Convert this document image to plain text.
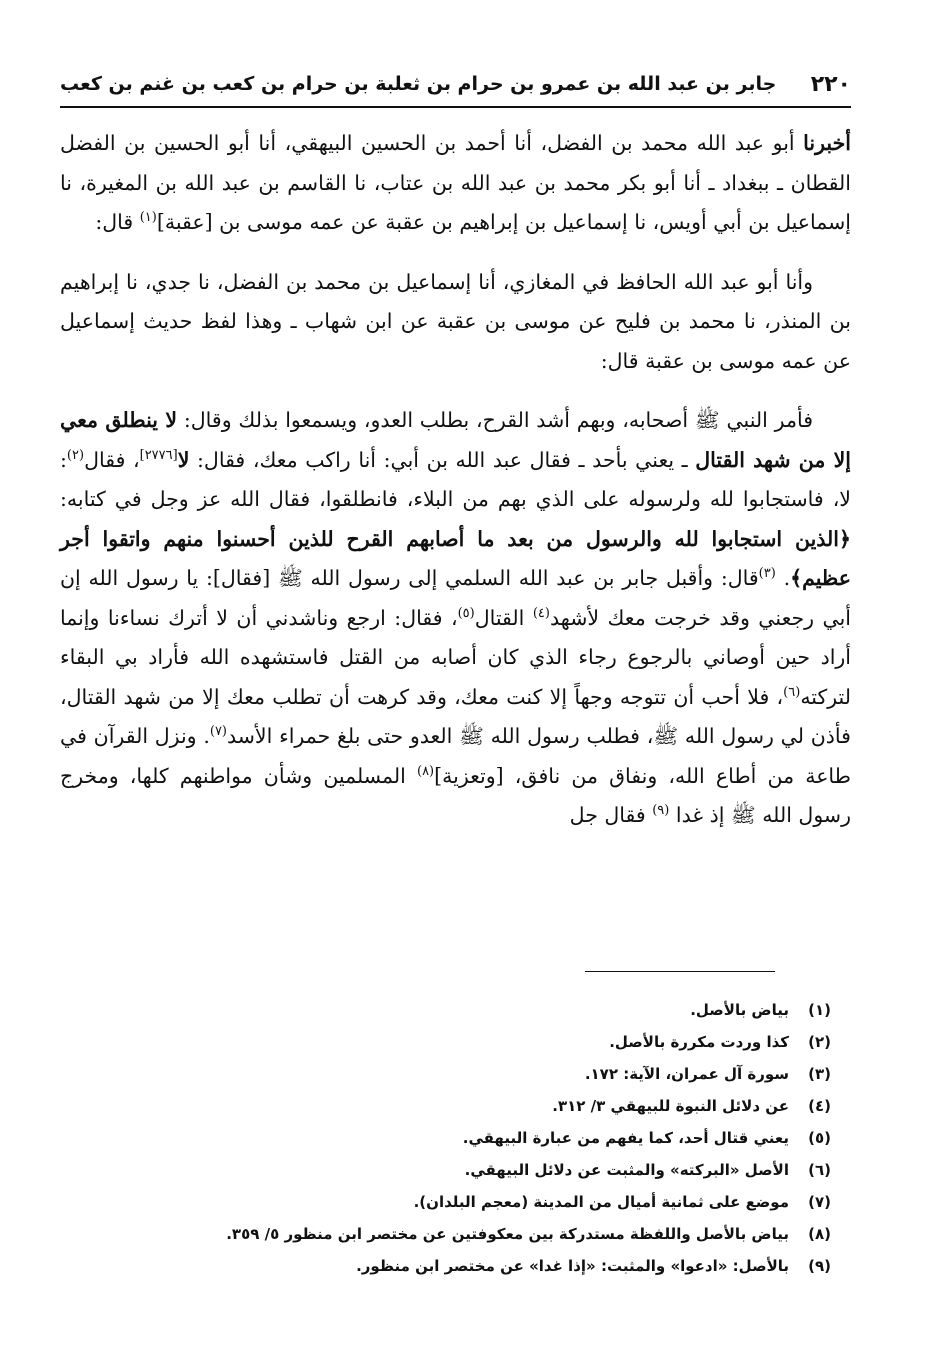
٢٢٠
جابر بن عبد الله بن عمرو بن حرام بن ثعلبة بن حرام بن كعب بن غنم بن كعب

أخبرنا أبو عبد الله محمد بن الفضل، أنا أحمد بن الحسين البيهقي، أنا أبو الحسين بن الفضل القطان ـ ببغداد ـ أنا أبو بكر محمد بن عبد الله بن عتاب، نا القاسم بن عبد الله بن المغيرة، نا إسماعيل بن أبي أويس، نا إسماعيل بن إبراهيم بن عقبة عن عمه موسى بن [عقبة]$^{(١)}$ قال:

وأنا أبو عبد الله الحافظ في المغازي، أنا إسماعيل بن محمد بن الفضل، نا جدي، نا إبراهيم بن المنذر، نا محمد بن فليح عن موسى بن عقبة عن ابن شهاب ـ وهذا لفظ حديث إسماعيل عن عمه موسى بن عقبة قال:

فأمر النبي ﷺ أصحابه، وبهم أشد القرح، بطلب العدو، ويسمعوا بذلك وقال: لا ينطلق معي إلا من شهد القتال ـ يعني بأحد ـ فقال عبد الله بن أبي: أنا راكب معك، فقال: لا[٢٧٧٦]، فقال$^{(٢)}$: لا، فاستجابوا لله ولرسوله على الذي بهم من البلاء، فانطلقوا، فقال الله عز وجل في كتابه: ﴿الذين استجابوا لله والرسول من بعد ما أصابهم القرح للذين أحسنوا منهم واتقوا أجر عظيم﴾. $^{(٣)}$قال: وأقبل جابر بن عبد الله السلمي إلى رسول الله ﷺ [فقال]: يا رسول الله إن أبي رجعني وقد خرجت معك لأشهد$^{(٤)}$ القتال$^{(٥)}$، فقال: ارجع وناشدني أن لا أترك نساءنا وإنما أراد حين أوصاني بالرجوع رجاء الذي كان أصابه من القتل فاستشهده الله فأراد بي البقاء لتركته$^{(٦)}$، فلا أحب أن تتوجه وجهاً إلا كنت معك، وقد كرهت أن تطلب معك إلا من شهد القتال، فأذن لي رسول الله ﷺ، فطلب رسول الله ﷺ العدو حتى بلغ حمراء الأسد$^{(٧)}$. ونزل القرآن في طاعة من أطاع الله، ونفاق من نافق، [وتعزية]$^{(٨)}$ المسلمين وشأن مواطنهم كلها، ومخرج رسول الله ﷺ إذ غدا $^{(٩)}$ فقال جل

(١)بياض بالأصل.
(٢)كذا وردت مكررة بالأصل.
(٣)سورة آل عمران، الآية: ١٧٢.
(٤)عن دلائل النبوة للبيهقي ٣/ ٣١٢.
(٥)يعني قتال أحد، كما يفهم من عبارة البيهقي.
(٦)الأصل «البركته» والمثبت عن دلائل البيهقي.
(٧)موضع على ثمانية أميال من المدينة (معجم البلدان).
(٨)بياض بالأصل واللفظة مستدركة بين معكوفتين عن مختصر ابن منظور ٥/ ٣٥٩.
(٩)بالأصل: «ادعوا» والمثبت: «إذا غدا» عن مختصر ابن منظور.
